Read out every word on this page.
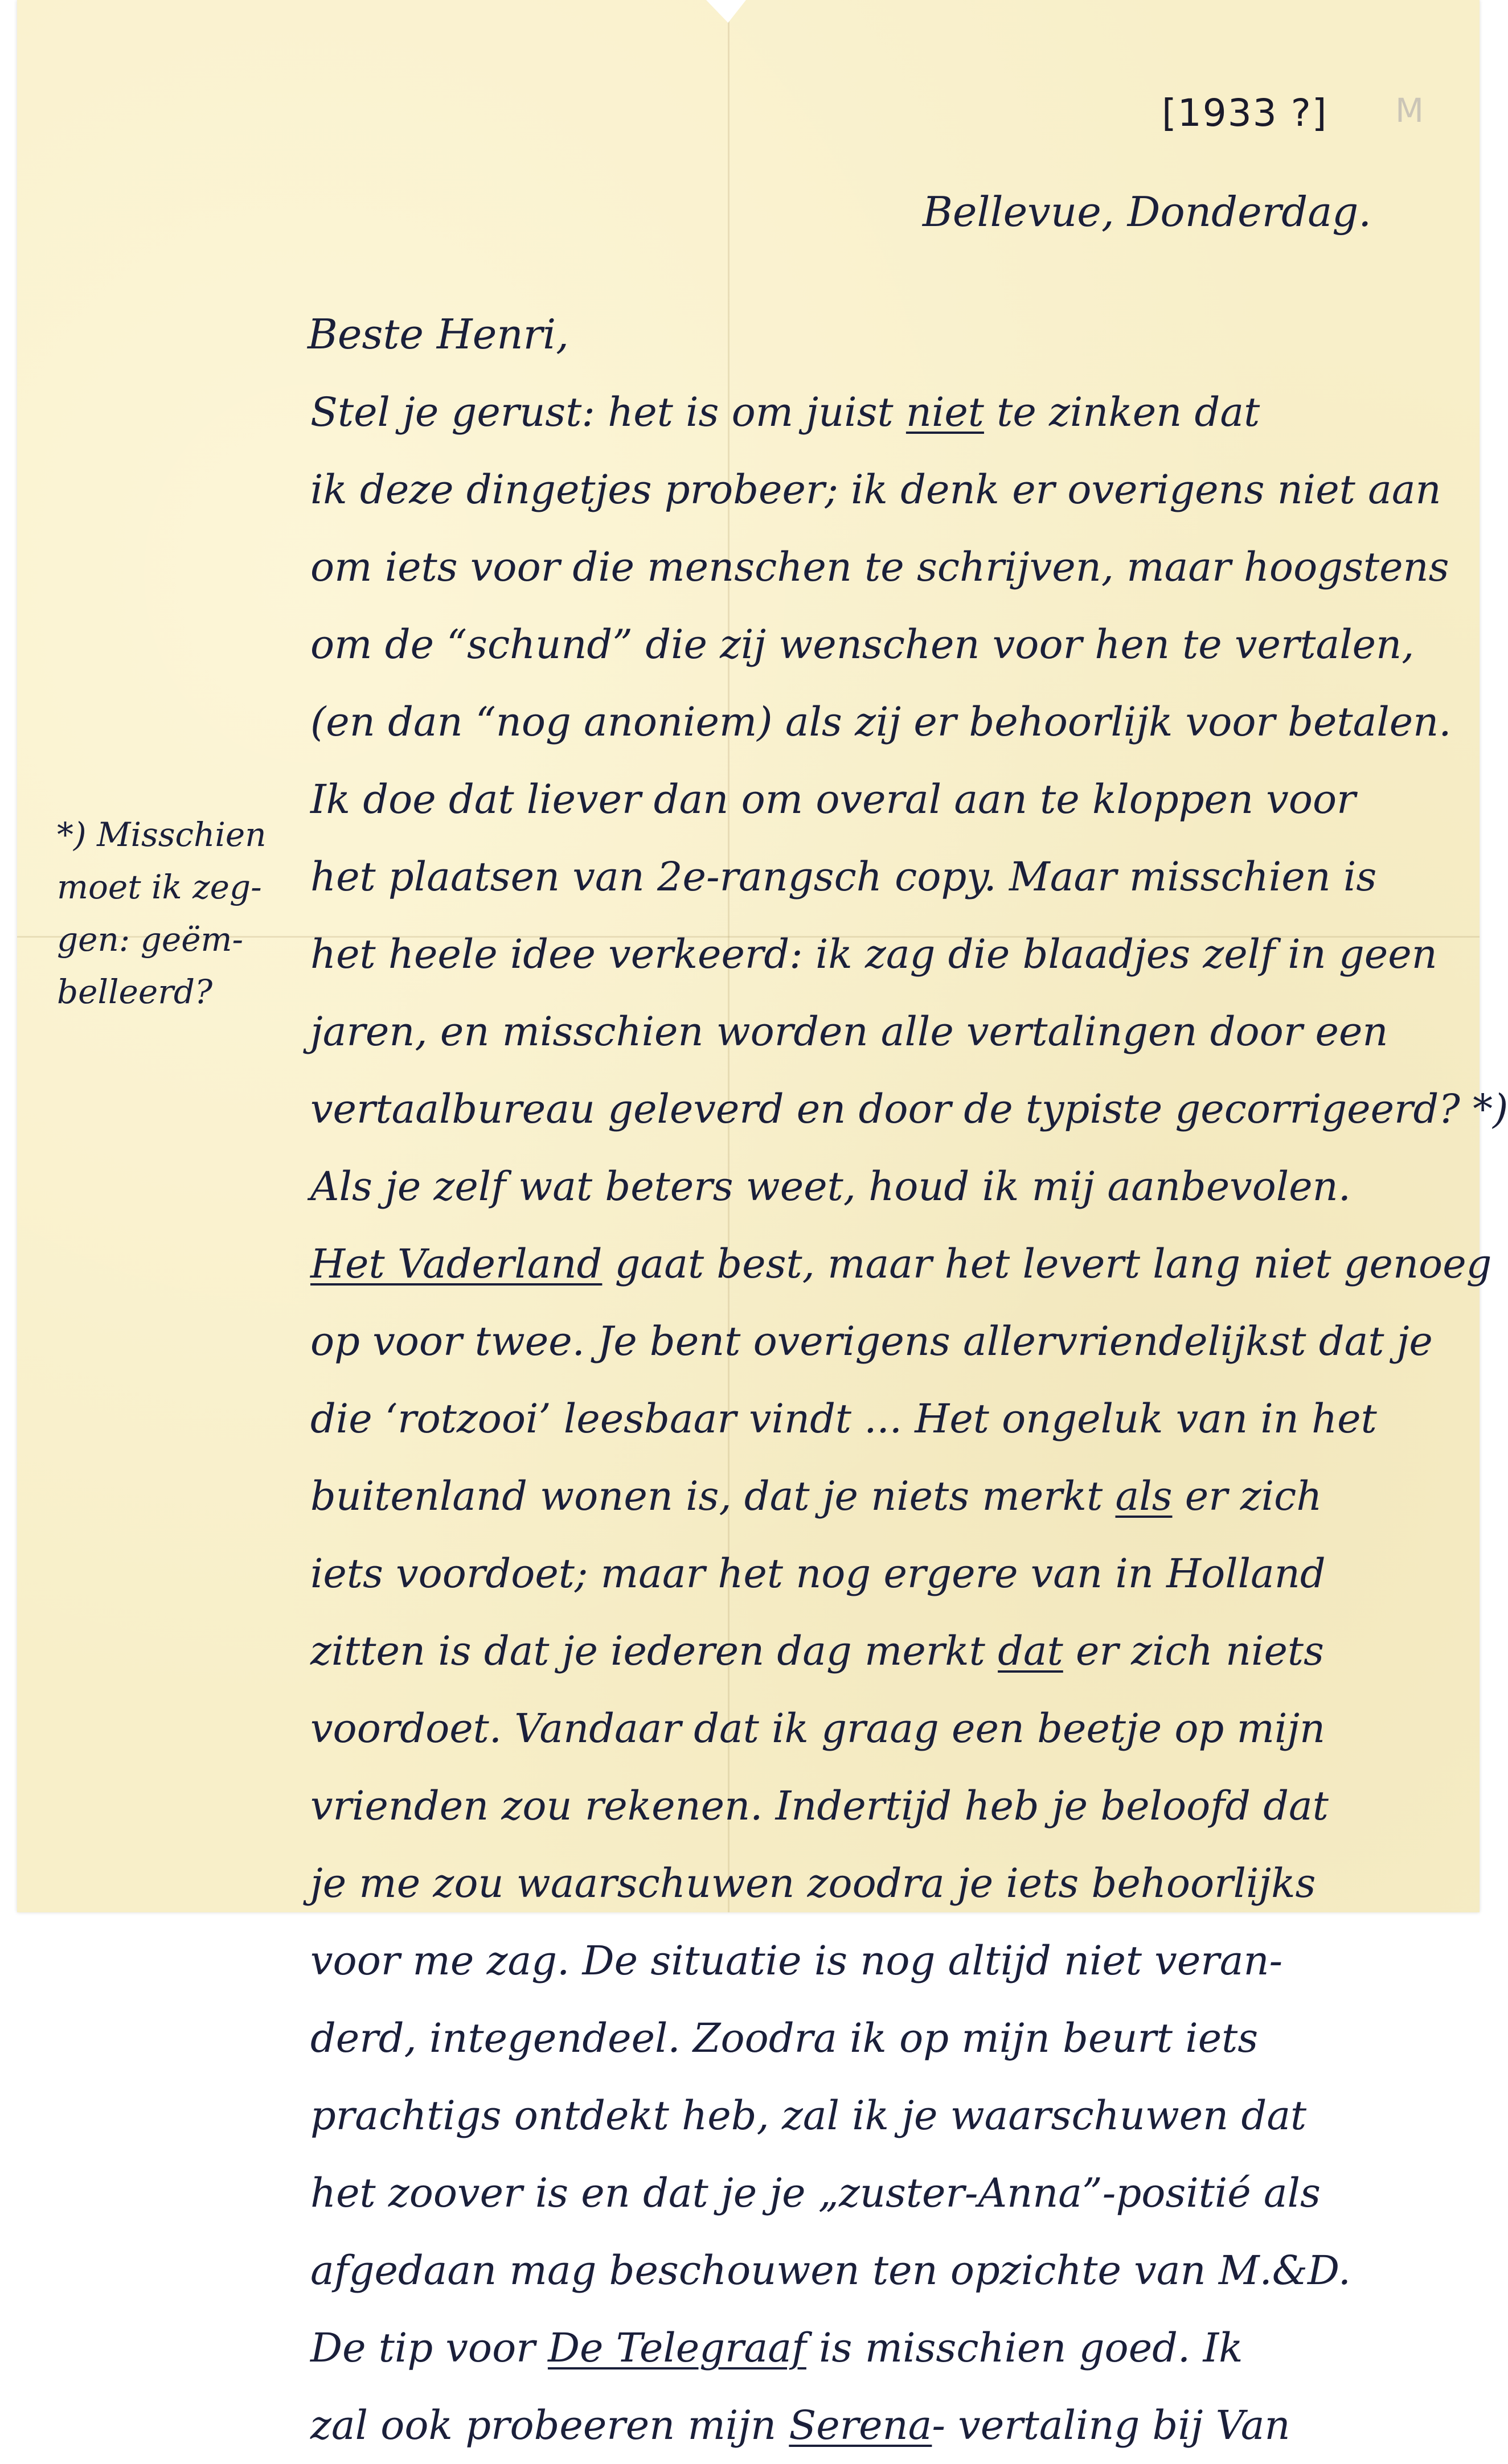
[1933 ?] M
Bellevue, Donderdag.
Beste Henri,
Stel je gerust: het is om juist niet te zinken dat
ik deze dingetjes probeer; ik denk er overigens niet aan
om iets voor die menschen te schrijven, maar hoogstens
om de “schund” die zij wenschen voor hen te vertalen,
(en dan “nog anoniem) als zij er behoorlijk voor betalen.
Ik doe dat liever dan om overal aan te kloppen voor
het plaatsen van 2e-rangsch copy. Maar misschien is
het heele idee verkeerd: ik zag die blaadjes zelf in geen
jaren, en misschien worden alle vertalingen door een
vertaalbureau geleverd en door de typiste gecorrigeerd? *)
Als je zelf wat beters weet, houd ik mij aanbevolen.
Het Vaderland gaat best, maar het levert lang niet genoeg
op voor twee. Je bent overigens allervriendelijkst dat je
die ‘rotzooi’ leesbaar vindt ... Het ongeluk van in het
buitenland wonen is, dat je niets merkt als er zich
iets voordoet; maar het nog ergere van in Holland
zitten is dat je iederen dag merkt dat er zich niets
voordoet. Vandaar dat ik graag een beetje op mijn
vrienden zou rekenen. Indertijd heb je beloofd dat
je me zou waarschuwen zoodra je iets behoorlijks
voor me zag. De situatie is nog altijd niet veran-
derd, integendeel. Zoodra ik op mijn beurt iets
prachtigs ontdekt heb, zal ik je waarschuwen dat
het zoover is en dat je je „zuster-Anna”-positié als
afgedaan mag beschouwen ten opzichte van M.&D.
De tip voor De Telegraaf is misschien goed. Ik
zal ook probeeren mijn Serena- vertaling bij Van
*) Misschien
moet ik zeg-
gen: geëm-
belleerd?
